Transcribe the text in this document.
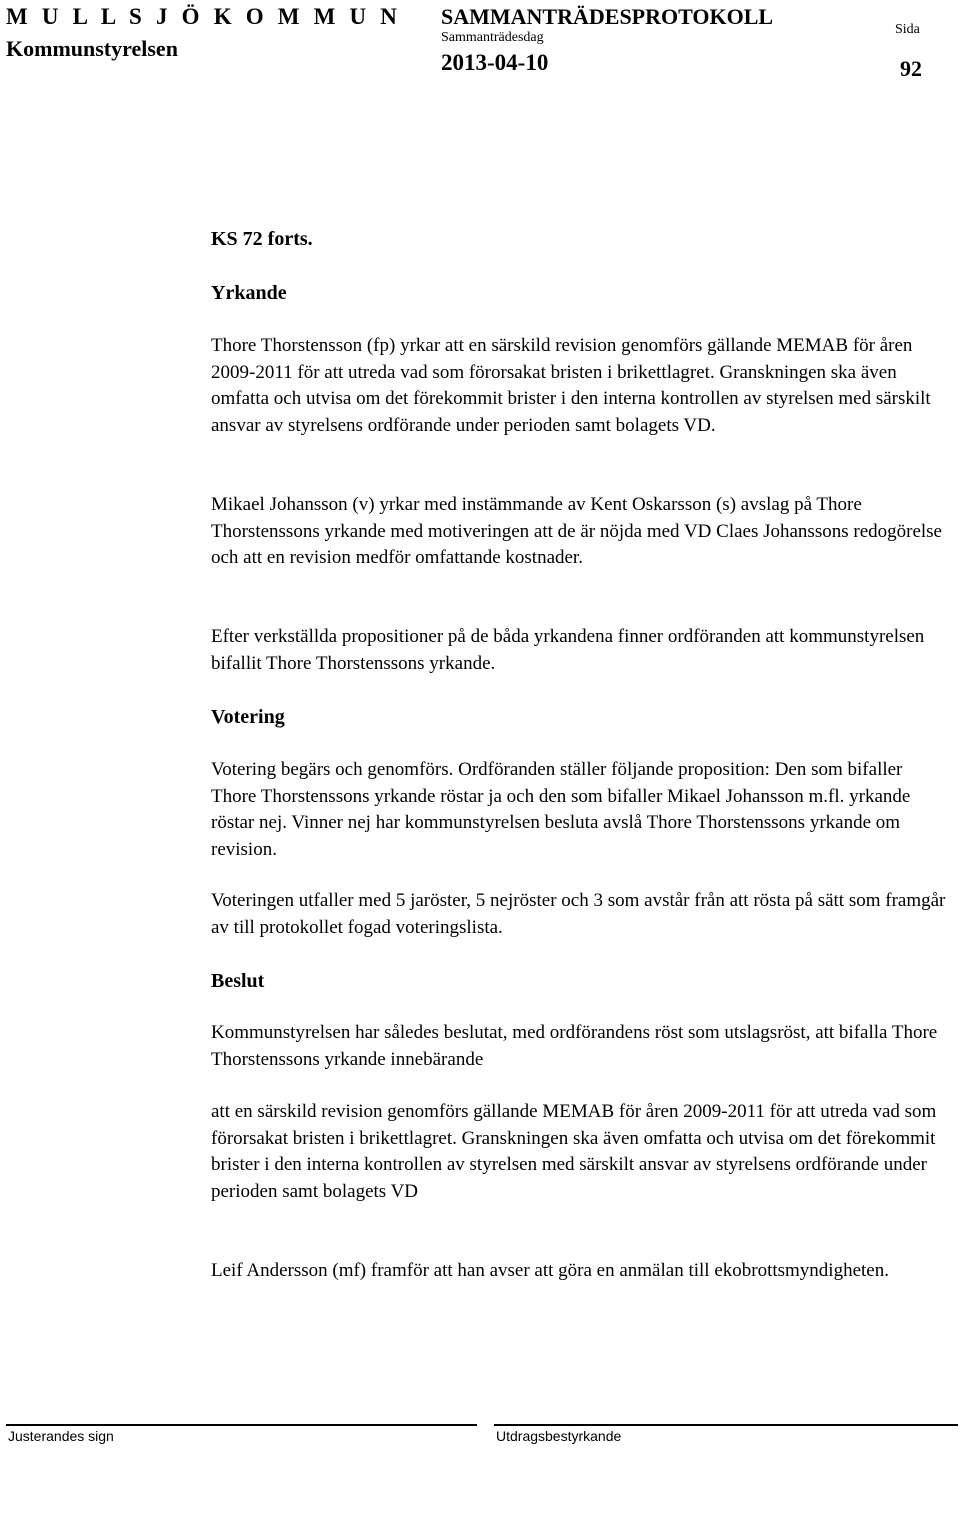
M U L L S J Ö K O M M U N
Kommunstyrelsen
SAMMANTRÄDESPROTOKOLL
Sammanträdesdag
2013-04-10
Sida
92
KS 72 forts.
Yrkande

Thore Thorstensson (fp) yrkar att en särskild revision genomförs gällande MEMAB för åren 2009-2011 för att utreda vad som förorsakat bristen i brikettlagret. Granskningen ska även omfatta och utvisa om det förekommit brister i den interna kontrollen av styrelsen med särskilt ansvar av styrelsens ordförande under perioden samt bolagets VD.

Mikael Johansson (v) yrkar med instämmande av Kent Oskarsson (s) avslag på Thore Thorstenssons yrkande med motiveringen att de är nöjda med VD Claes Johanssons redogörelse och att en revision medför omfattande kostnader.

Efter verkställda propositioner på de båda yrkandena finner ordföranden att kommunstyrelsen bifallit Thore Thorstenssons yrkande.

Votering

Votering begärs och genomförs. Ordföranden ställer följande proposition: Den som bifaller Thore Thorstenssons yrkande röstar ja och den som bifaller Mikael Johansson m.fl. yrkande röstar nej. Vinner nej har kommunstyrelsen besluta avslå Thore Thorstenssons yrkande om revision.

Voteringen utfaller med 5 jaröster, 5 nejröster och 3 som avstår från att rösta på sätt som framgår av till protokollet fogad voteringslista.

Beslut

Kommunstyrelsen har således beslutat, med ordförandens röst som utslagsröst, att bifalla Thore Thorstenssons yrkande innebärande

att en särskild revision genomförs gällande MEMAB för åren 2009-2011 för att utreda vad som förorsakat bristen i brikettlagret. Granskningen ska även omfatta och utvisa om det förekommit brister i den interna kontrollen av styrelsen med särskilt ansvar av styrelsens ordförande under perioden samt bolagets VD

Leif Andersson (mf) framför att han avser att göra en anmälan till ekobrottsmyndigheten.

Justerandes sign	Utdragsbestyrkande
